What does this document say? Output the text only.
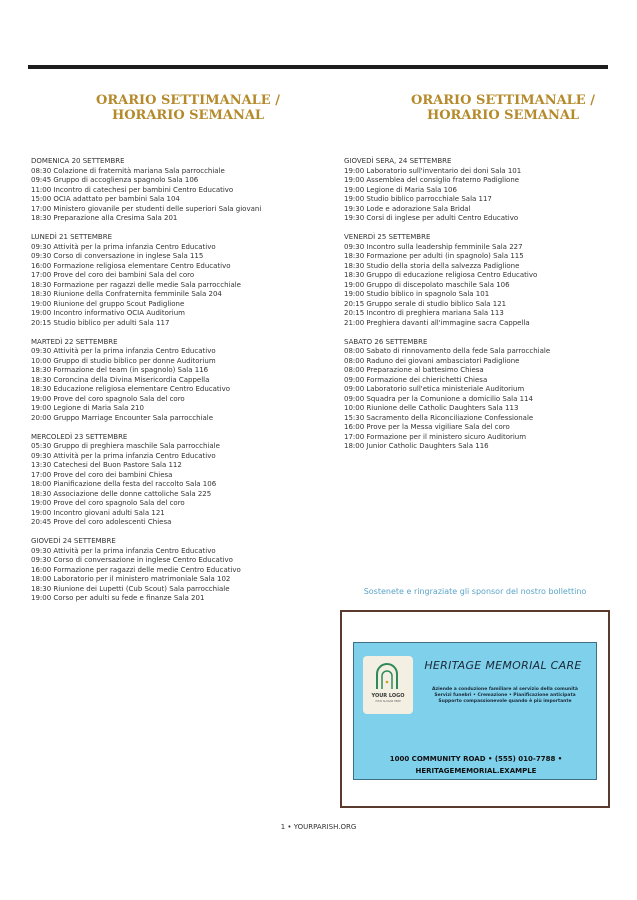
ORARIO SETTIMANALE / HORARIO SEMANAL
ORARIO SETTIMANALE / HORARIO SEMANAL
DOMENICA 20 SETTEMBRE
08:30 Colazione di fraternità mariana Sala parrocchiale
09:45 Gruppo di accoglienza spagnolo Sala 106
11:00 Incontro di catechesi per bambini Centro Educativo
15:00 OCIA adattato per bambini Sala 104
17:00 Ministero giovanile per studenti delle superiori Sala giovani
18:30 Preparazione alla Cresima Sala 201
LUNEDÌ 21 SETTEMBRE
09:30 Attività per la prima infanzia Centro Educativo
09:30 Corso di conversazione in inglese Sala 115
16:00 Formazione religiosa elementare Centro Educativo
17:00 Prove del coro dei bambini Sala del coro
18:30 Formazione per ragazzi delle medie Sala parrocchiale
18:30 Riunione della Confraternita femminile Sala 204
19:00 Riunione del gruppo Scout Padiglione
19:00 Incontro informativo OCIA Auditorium
20:15 Studio biblico per adulti Sala 117
MARTEDÌ 22 SETTEMBRE
09:30 Attività per la prima infanzia Centro Educativo
10:00 Gruppo di studio biblico per donne Auditorium
18:30 Formazione del team (in spagnolo) Sala 116
18:30 Coroncina della Divina Misericordia Cappella
18:30 Educazione religiosa elementare Centro Educativo
19:00 Prove del coro spagnolo Sala del coro
19:00 Legione di Maria Sala 210
20:00 Gruppo Marriage Encounter Sala parrocchiale
MERCOLEDÌ 23 SETTEMBRE
05:30 Gruppo di preghiera maschile Sala parrocchiale
09:30 Attività per la prima infanzia Centro Educativo
13:30 Catechesi del Buon Pastore Sala 112
17:00 Prove del coro dei bambini Chiesa
18:00 Pianificazione della festa del raccolto Sala 106
18:30 Associazione delle donne cattoliche Sala 225
19:00 Prove del coro spagnolo Sala del coro
19:00 Incontro giovani adulti Sala 121
20:45 Prove del coro adolescenti Chiesa
GIOVEDÌ 24 SETTEMBRE
09:30 Attività per la prima infanzia Centro Educativo
09:30 Corso di conversazione in inglese Centro Educativo
16:00 Formazione per ragazzi delle medie Centro Educativo
18:00 Laboratorio per il ministero matrimoniale Sala 102
18:30 Riunione dei Lupetti (Cub Scout) Sala parrocchiale
19:00 Corso per adulti su fede e finanze Sala 201
GIOVEDÌ SERA, 24 SETTEMBRE
19:00 Laboratorio sull'inventario dei doni Sala 101
19:00 Assemblea del consiglio fraterno Padiglione
19:00 Legione di Maria Sala 106
19:00 Studio biblico parrocchiale Sala 117
19:30 Lode e adorazione Sala Bridal
19:30 Corsi di inglese per adulti Centro Educativo
VENERDÌ 25 SETTEMBRE
09:30 Incontro sulla leadership femminile Sala 227
18:30 Formazione per adulti (in spagnolo) Sala 115
18:30 Studio della storia della salvezza Padiglione
18:30 Gruppo di educazione religiosa Centro Educativo
19:00 Gruppo di discepolato maschile Sala 106
19:00 Studio biblico in spagnolo Sala 101
20:15 Gruppo serale di studio biblico Sala 121
20:15 Incontro di preghiera mariana Sala 113
21:00 Preghiera davanti all'immagine sacra Cappella
SABATO 26 SETTEMBRE
08:00 Sabato di rinnovamento della fede Sala parrocchiale
08:00 Raduno dei giovani ambasciatori Padiglione
08:00 Preparazione al battesimo Chiesa
09:00 Formazione dei chierichetti Chiesa
09:00 Laboratorio sull'etica ministeriale Auditorium
09:00 Squadra per la Comunione a domicilio Sala 114
10:00 Riunione delle Catholic Daughters Sala 113
15:30 Sacramento della Riconciliazione Confessionale
16:00 Prove per la Messa vigiliare Sala del coro
17:00 Formazione per il ministero sicuro Auditorium
18:00 Junior Catholic Daughters Sala 116
Sostenete e ringraziate gli sponsor del nostro bollettino
YOUR LOGO
YOUR SLOGAN HERE
HERITAGE MEMORIAL CARE
Aziende a conduzione familiare al servizio della comunità
Servizi funebri • Cremazione • Pianificazione anticipata
Supporto compassionevole quando è più importante
1000 COMMUNITY ROAD • (555) 010-7788 •
HERITAGEMEMORIAL.EXAMPLE
1 • YOURPARISH.ORG
